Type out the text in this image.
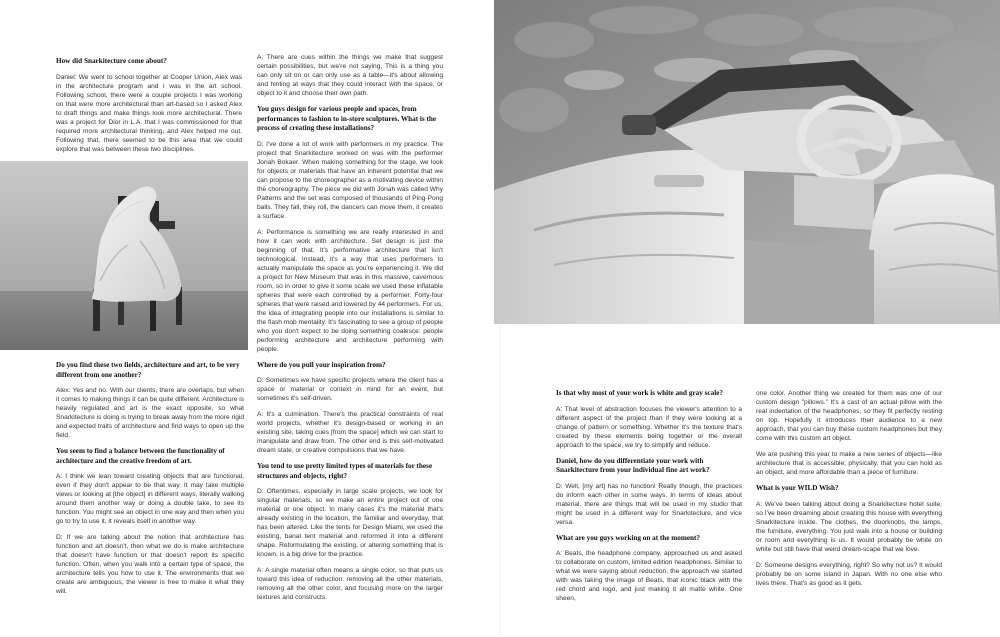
How did Snarkitecture come about?

Daniel: We went to school together at Cooper Union, Alex was in the architecture program and I was in the art school. Following school, there were a couple projects I was working on that were more architectural than art-based so I asked Alex to draft things and make things look more architectural. There was a project for Dior in L.A. that I was commissioned for that required more architectural thinking, and Alex helped me out. Following that, there seemed to be this area that we could explore that was between these two disciplines.

Do you find these two fields, architecture and art, to be very different from one another?

Alex: Yes and no. With our clients, there are overlaps, but when it comes to making things it can be quite different. Architecture is heavily regulated and art is the exact opposite, so what Snarkitecture is doing is trying to break away from the more rigid and expected traits of architecture and find ways to open up the field.

You seem to find a balance between the functionality of architecture and the creative freedom of art.

A: I think we lean toward creating objects that are functional, even if they don't appear to be that way. It may take multiple views or looking at [the object] in different ways, literally walking around them another way or doing a double take, to see its function. You might see an object in one way and then when you go to try to use it, it reveals itself in another way.

D: If we are talking about the notion that architecture has function and art doesn't, then what we do is make architecture that doesn't have function or that doesn't report its specific function. Often, when you walk into a certain type of space, the architecture tells you how to use it. The environments that we create are ambiguous, the viewer is free to make it what they will.

A: There are cues within the things we make that suggest certain possibilities, but we're not saying, This is a thing you can only sit on or can only use as a table—it's about allowing and hinting at ways that they could interact with the space, or object to it and choose their own path.

You guys design for various people and spaces, from performances to fashion to in-store sculptures. What is the process of creating these installations?

D: I've done a lot of work with performers in my practice. The project that Snarkitecture worked on was with the performer Jonah Bokaer. When making something for the stage, we look for objects or materials that have an inherent potential that we can propose to the choreographer as a motivating device within the choreography. The piece we did with Jonah was called Why Patterns and the set was composed of thousands of Ping-Pong balls. They fall, they roll, the dancers can move them, it creates a surface.

A: Performance is something we are really interested in and how it can work with architecture. Set design is just the beginning of that. It's performative architecture that isn't technological. Instead, it's a way that uses performers to actually manipulate the space as you're experiencing it. We did a project for New Museum that was in this massive, cavernous room, so in order to give it some scale we used these inflatable spheres that were each controlled by a performer. Forty-four spheres that were raised and lowered by 44 performers. For us, the idea of integrating people into our installations is similar to the flash mob mentality. It's fascinating to see a group of people who you don't expect to be doing something coalesce: people performing architecture and architecture performing with people.

Where do you pull your inspiration from?

D: Sometimes we have specific projects where the client has a space or material or context in mind for an event, but sometimes it's self-driven.

A: It's a culmination. There's the practical constraints of real world projects, whether it's design-based or working in an existing site, taking cues [from the space] which we can start to manipulate and draw from. The other end is this self-motivated dream state, or creative compulsions that we have.

You tend to use pretty limited types of materials for these structures and objects, right?

D: Oftentimes, especially in large scale projects, we look for singular materials, so we make an entire project out of one material or one object. In many cases it's the material that's already existing in the location, the familiar and everyday, that has been altered. Like the tents for Design Miami, we used the existing, banal tent material and reformed it into a different shape. Reformulating the existing, or altering something that is known, is a big drive for the practice.

A: A single material often means a single color, so that puts us toward this idea of reduction: removing all the other materials, removing all the other color, and focusing more on the larger textures and constructs.

Is that why most of your work is white and gray scale?

A: That level of abstraction focuses the viewer's attention to a different aspect of the project than if they were looking at a change of pattern or something. Whether it's the texture that's created by these elements being together or the overall approach to the space, we try to simplify and reduce.

Daniel, how do you differentiate your work with Snarkitecture from your individual fine art work?

D: Well, [my art] has no function! Really though, the practices do inform each other in some ways. In terms of ideas about material, there are things that will be used in my studio that might be used in a different way for Snarkitecture, and vice versa.

What are you guys working on at the moment?

A: Beats, the headphone company, approached us and asked to collaborate on custom, limited edition headphones. Similar to what we were saying about reduction, the approach we started with was taking the image of Beats, that iconic black with the red chord and logo, and just making it all matte white. One sheen,

one color. Another thing we created for them was one of our custom design "pillows." It's a cast of an actual pillow with the real indentation of the headphones, so they fit perfectly resting on top. Hopefully it introduces their audience to a new approach, that you can buy these custom headphones but they come with this custom art object.

We are pushing this year to make a new series of objects—like architecture that is accessible; physically, that you can hold as an object, and more affordable than a piece of furniture.

What is your WILD Wish?

A: We've been talking about doing a Snarkitecture hotel suite, so I've been dreaming about creating this house with everything Snarkitecture inside. The clothes, the doorknobs, the lamps, the furniture, everything. You just walk into a house or building or room and everything is us. It would probably be white on white but still have that weird dream-scape that we love.

D: Someone designs everything, right? So why not us? It would probably be on some island in Japan. With no one else who lives there. That's as good as it gets.
